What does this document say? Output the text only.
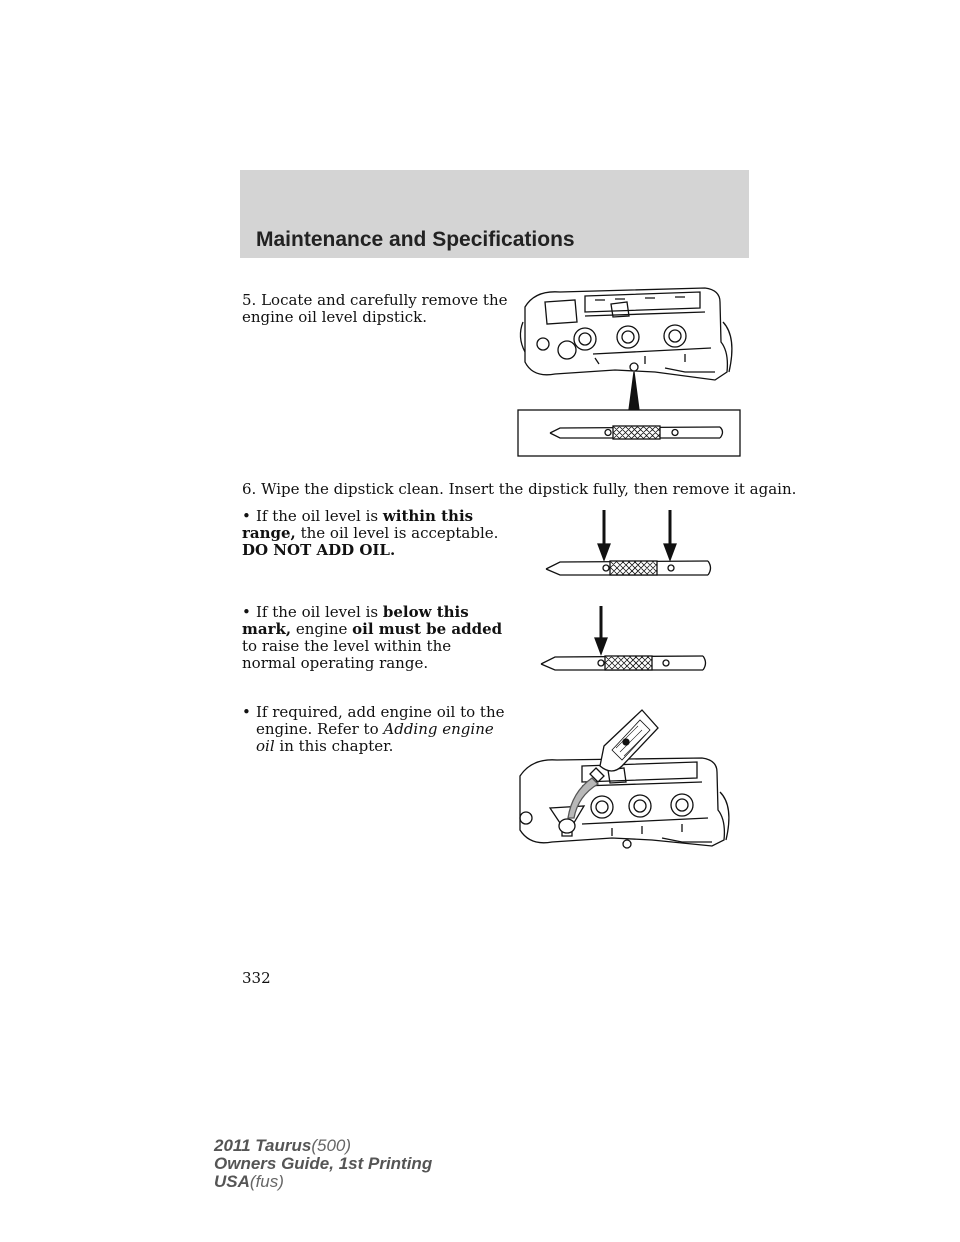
Maintenance and Specifications
5. Locate and carefully remove the
engine oil level dipstick.
6. Wipe the dipstick clean. Insert the dipstick fully, then remove it again.
• If the oil level is within this
range, the oil level is acceptable.
DO NOT ADD OIL.
• If the oil level is below this
mark, engine oil must be added
to raise the level within the
normal operating range.
• If required, add engine oil to the
engine. Refer to Adding engine
oil in this chapter.
332
2011 Taurus(500)
Owners Guide, 1st Printing
USA(fus)
